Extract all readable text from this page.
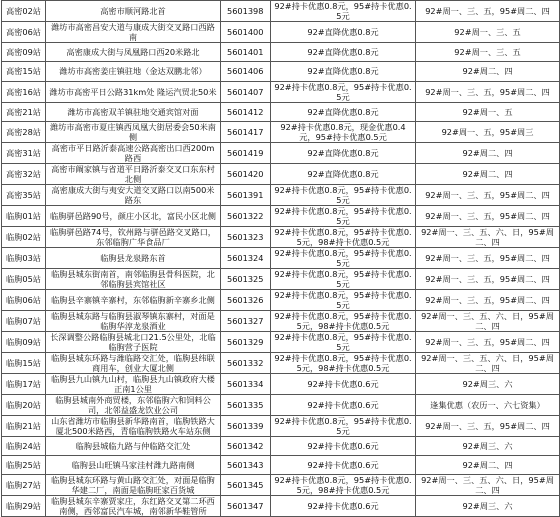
高密02站	高密市顺河路北首	5601398	92#持卡优惠0.8元，95#持卡优惠0.5元	92#周一、三、五，95#周二、四
高密06站	潍坊市高密昌安大道与康成大街交叉路口西路南	5601400	92#直降优惠0.8元	92#周一、三、五
高密09站	高密康成大街与凤凰路口西20米路北	5601401	92#直降优惠0.8元	92#周一、三、五
高密15站	潍坊市高密姜庄镇驻地（金达双鹏北邻）	5601406	92#直降优惠0.8元	92#周二、四
高密16站	潍坊市高密平日公路31km处 隆运汽贸北50米	5601407	92#持卡优惠0.8元，95#持卡优惠0.5元	92#周一、三、五，95#周二、四
高密21站	潍坊市高密双羊镇驻地交通宾馆对面	5601412	92#直降优惠0.8元	92#周一、五
高密28站	潍坊市高密市夏庄镇西凤凰大街居委会50米南侧	5601417	92#持卡优惠0.8元，现金优惠0.4元，95#持卡优惠0.5元	92#周一、五，95#周三
高密31站	高密市平日路沂泰高速公路高密出口西200m路西	5601419	92#直降优惠0.8元	92#周二、四
高密32站	高密市阚家镇与省道平日路沂泰交叉口东东村北侧	5601420	92#直降优惠0.8元	92#周二、四
高密35站	高密康成大街与夷安大道交叉路口以南500米路东	5601391	92#持卡优惠0.8元，95#持卡优惠0.5元	92#周一、三、五，95#周二、四
临朐01站	临朐骈邑路90号，颜庄小区北，富民小区北侧	5601322	92#持卡优惠0.8元，95#持卡优惠0.5元	92#周一、三、五，95#周二、四
临朐02站	临朐骈邑路74号，钦州路与骈邑路交叉路口，东邻临朐广华食品厂	5601323	92#持卡优惠0.8元，95#持卡优惠0.5元，98#持卡优惠0.5元	92#周一、三、五、六、日，95#周二、四
临朐03站	临朐县龙泉路东首	5601324	92#持卡优惠0.8元，95#持卡优惠0.5元	92#周一、三、五，95#周二、四
临朐05站	临朐县城东街南首，南邻临朐县骨科医院，北邻临朐县宾馆社区	5601325	92#持卡优惠0.8元，95#持卡优惠0.5元	92#周一、三、五，95#周二、四
临朐06站	临朐县辛寨镇辛寨村，东邻临朐新辛寨乡北侧	5601326	92#持卡优惠0.8元，95#持卡优惠0.5元	92#周一、三、五，95#周二、四
临朐07站	临朐县城东路与临朐县淑琴镇东寨村，对面是临朐华淳龙泉酒业	5601327	92#持卡优惠0.8元，95#持卡优惠0.5元，98#持卡优惠0.5元	92#周一、三、五、六、日，95#周二、四
临朐09站	长深调整公路临朐县城北口21.5公里处，北临临朐营子医院	5601329	92#持卡优惠0.8元，95#持卡优惠0.5元	92#周一、三、五，95#周二、四
临朐15站	临朐县城东环路与潍临路交汇处，临朐县纬联商用车，创业大厦北侧	5601332	92#持卡优惠0.8元，95#持卡优惠0.5元，98#持卡优惠0.5元	92#周一、三、五、六、日，95#周二、四
临朐17站	临朐县九山镇九山村，临朐县九山镇政府大楼正南1公里	5601334	92#持卡优惠0.6元	92#周三、六
临朐20站	临朐县城南外商贸楼，东邻临朐六和饲料公司，北邻益盛龙饮业公司	5601335	92#持卡优惠0.6元	逢集优惠（农历一、六七资集）
临朐21站	山东省潍坊市临朐县新华路南首，临朐铁路大厦北500米路西，青临临朐铁路火车站东侧	5601339	92#持卡优惠0.8元，95#持卡优惠0.5元	92#周一、三、五，95#周二、四
临朐24站	临朐县城临九路与仲临路交汇处	5601342	92#持卡优惠0.6元	92#周三、六
临朐25站	临朐县山旺镇马家洼村潍九路南侧	5601343	92#持卡优惠0.6元	92#周二、四
临朐27站	临朐县城东环路与黄山路交汇处，对面是临朐华建二厂，南面是临朐旺家百货城	5601345	92#持卡优惠0.8元，95#持卡优惠0.5元，98#持卡优惠0.5元	92#周一、三、五、六、日，95#周二、四
临朐29站	临朐县城东辛寨贾家庄，东红路交叉第二环西南侧，西邻富民汽车城，南邻新华鞋管所	5601347	92#持卡优惠0.6元	92#周三、六
